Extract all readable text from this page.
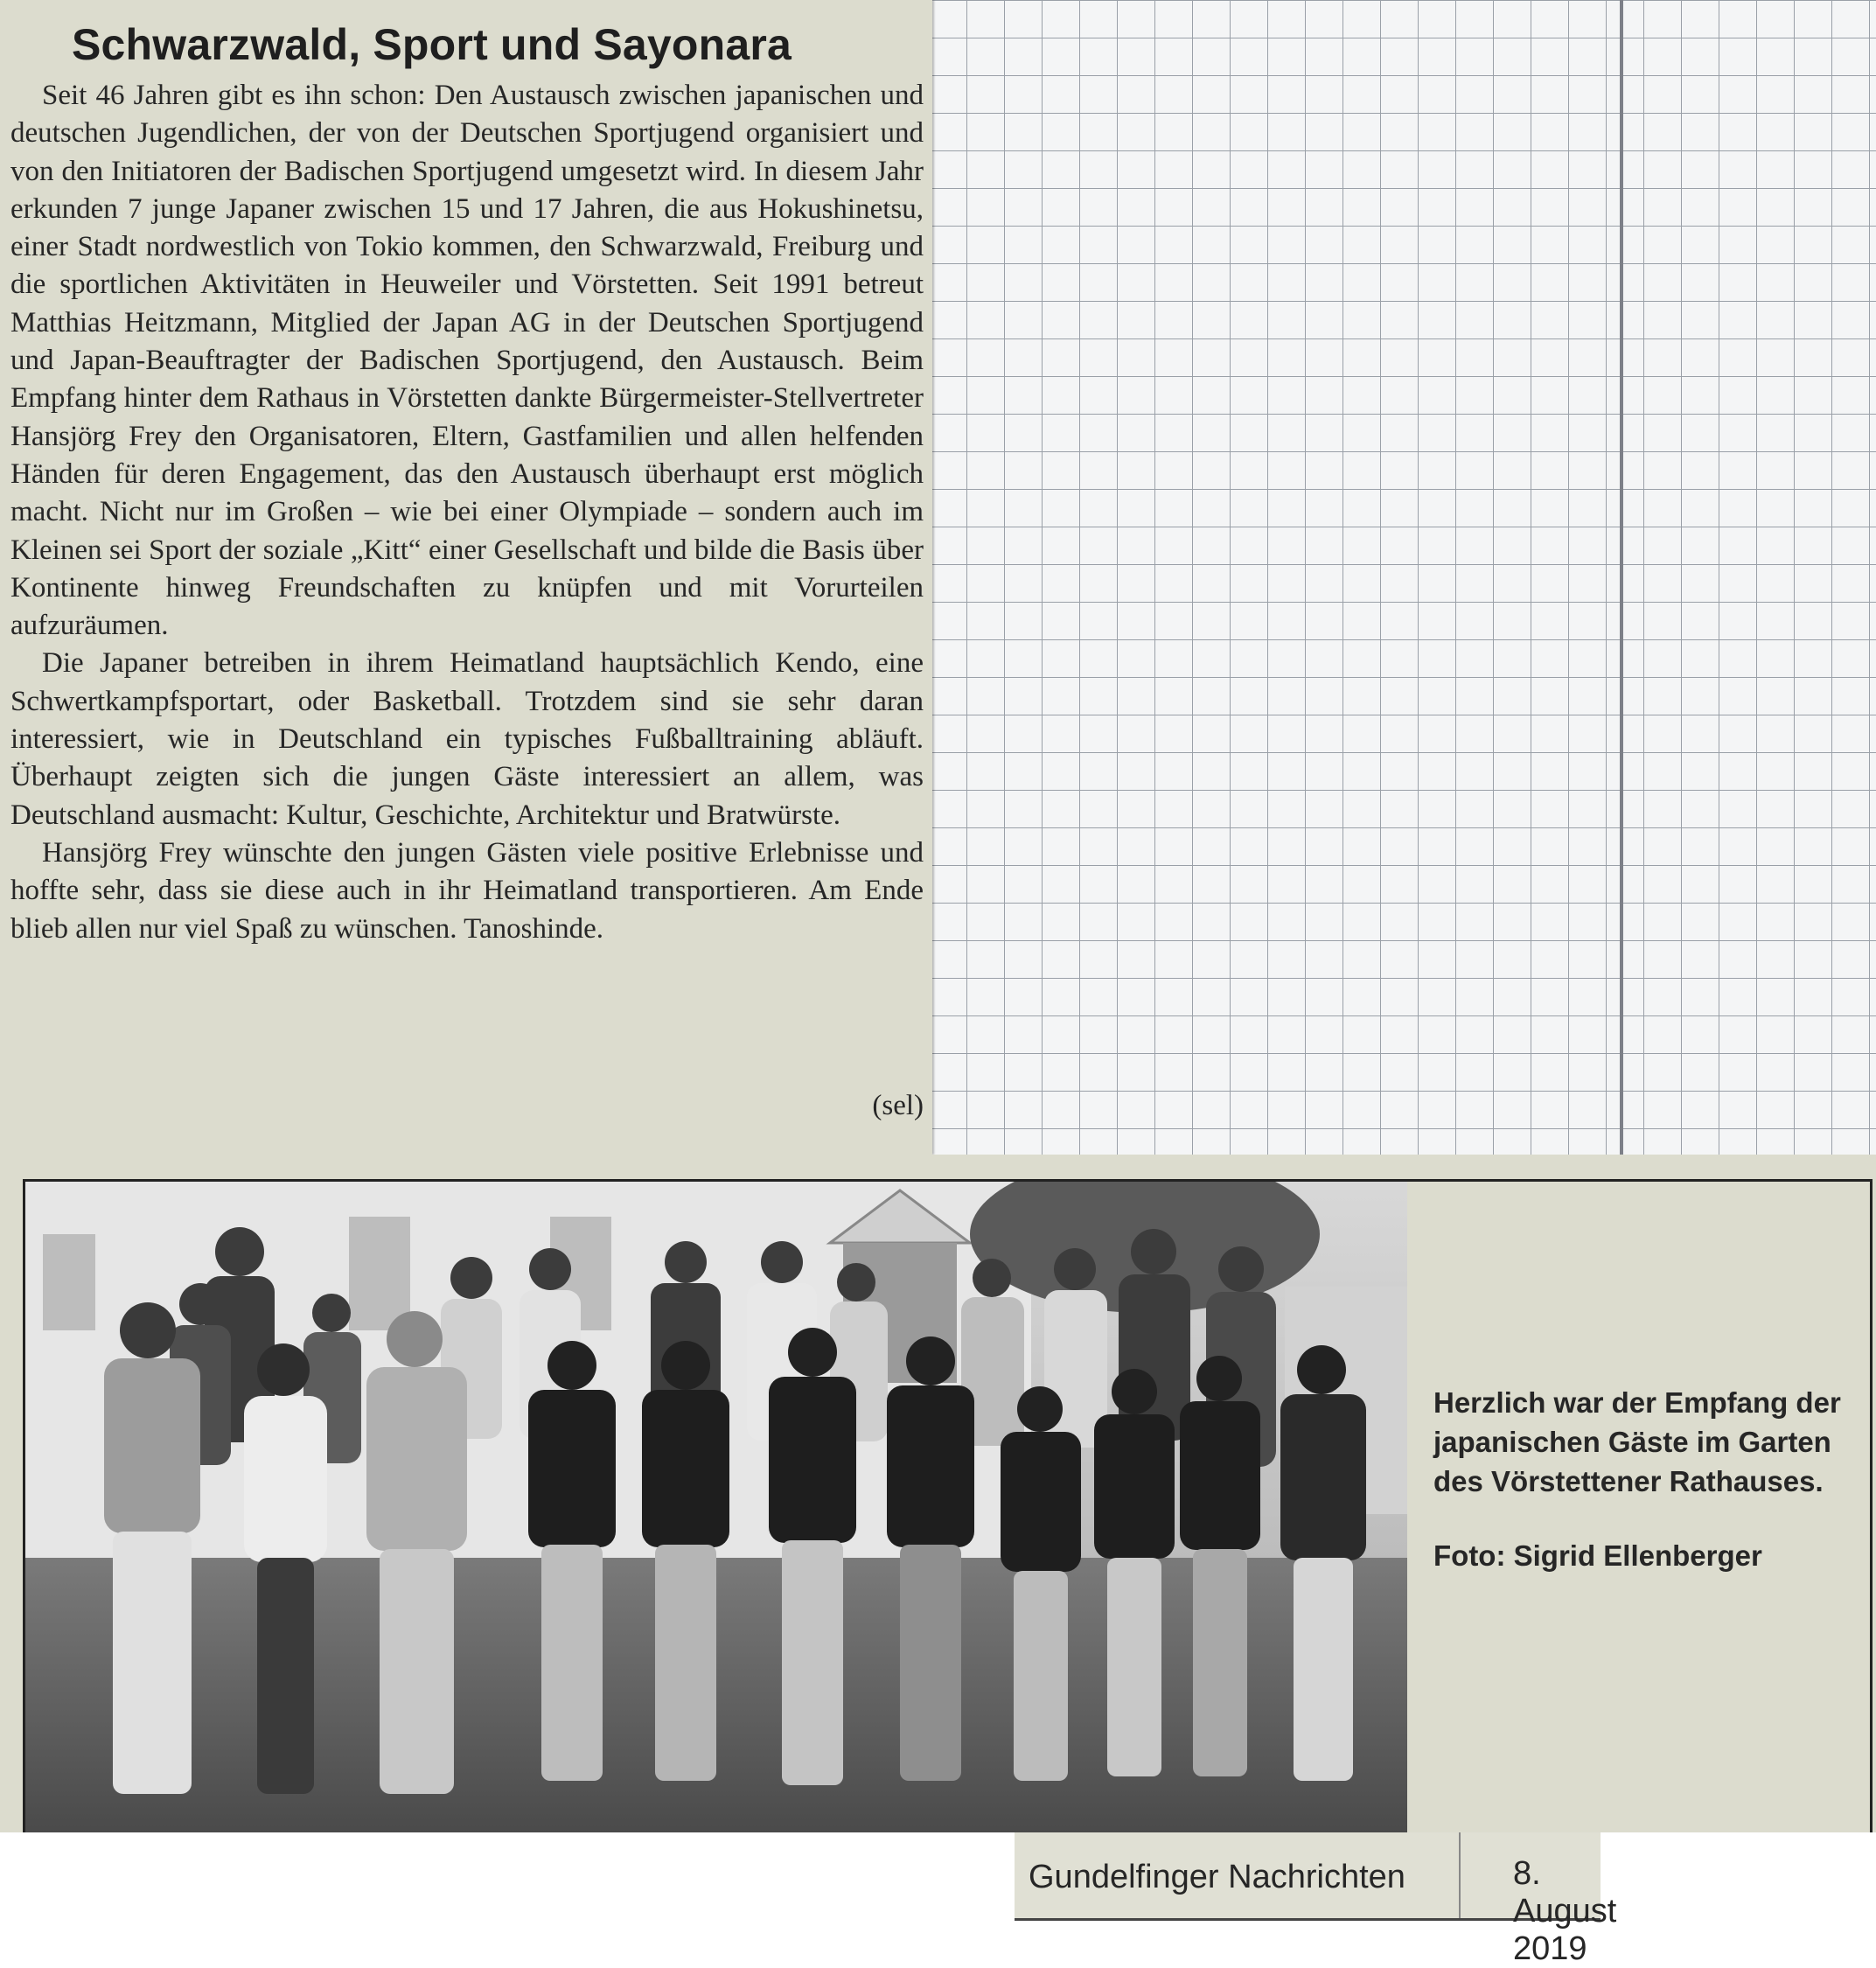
Schwarzwald, Sport und Sayonara

Seit 46 Jahren gibt es ihn schon: Den Austausch zwischen japanischen und deutschen Jugendlichen, der von der Deutschen Sportjugend organisiert und von den Initiatoren der Badischen Sportjugend umgesetzt wird. In diesem Jahr erkunden 7 junge Japaner zwischen 15 und 17 Jahren, die aus Hokushinetsu, einer Stadt nordwestlich von Tokio kommen, den Schwarzwald, Freiburg und die sportlichen Aktivitäten in Heuweiler und Vörstetten. Seit 1991 betreut Matthias Heitzmann, Mitglied der Japan AG in der Deutschen Sportjugend und Japan-Beauftragter der Badischen Sportjugend, den Austausch. Beim Empfang hinter dem Rathaus in Vörstetten dankte Bürgermeister-Stellvertreter Hansjörg Frey den Organisatoren, Eltern, Gastfamilien und allen helfenden Händen für deren Engagement, das den Austausch überhaupt erst möglich macht. Nicht nur im Großen – wie bei einer Olympiade – sondern auch im Kleinen sei Sport der soziale „Kitt“ einer Gesellschaft und bilde die Basis über Kontinente hinweg Freundschaften zu knüpfen und mit Vorurteilen aufzuräumen.

Die Japaner betreiben in ihrem Heimatland hauptsächlich Kendo, eine Schwertkampfsportart, oder Basketball. Trotzdem sind sie sehr daran interessiert, wie in Deutschland ein typisches Fußballtraining abläuft. Überhaupt zeigten sich die jungen Gäste interessiert an allem, was Deutschland ausmacht: Kultur, Geschichte, Architektur und Bratwürste.

Hansjörg Frey wünschte den jungen Gästen viele positive Erlebnisse und hoffte sehr, dass sie diese auch in ihr Heimatland transportieren. Am Ende blieb allen nur viel Spaß zu wünschen. Tanoshinde.

(sel)

Herzlich war der Empfang der japanischen Gäste im Garten des Vörstettener Rathauses.

Foto: Sigrid Ellenberger

Gundelfinger Nachrichten	8. August 2019
